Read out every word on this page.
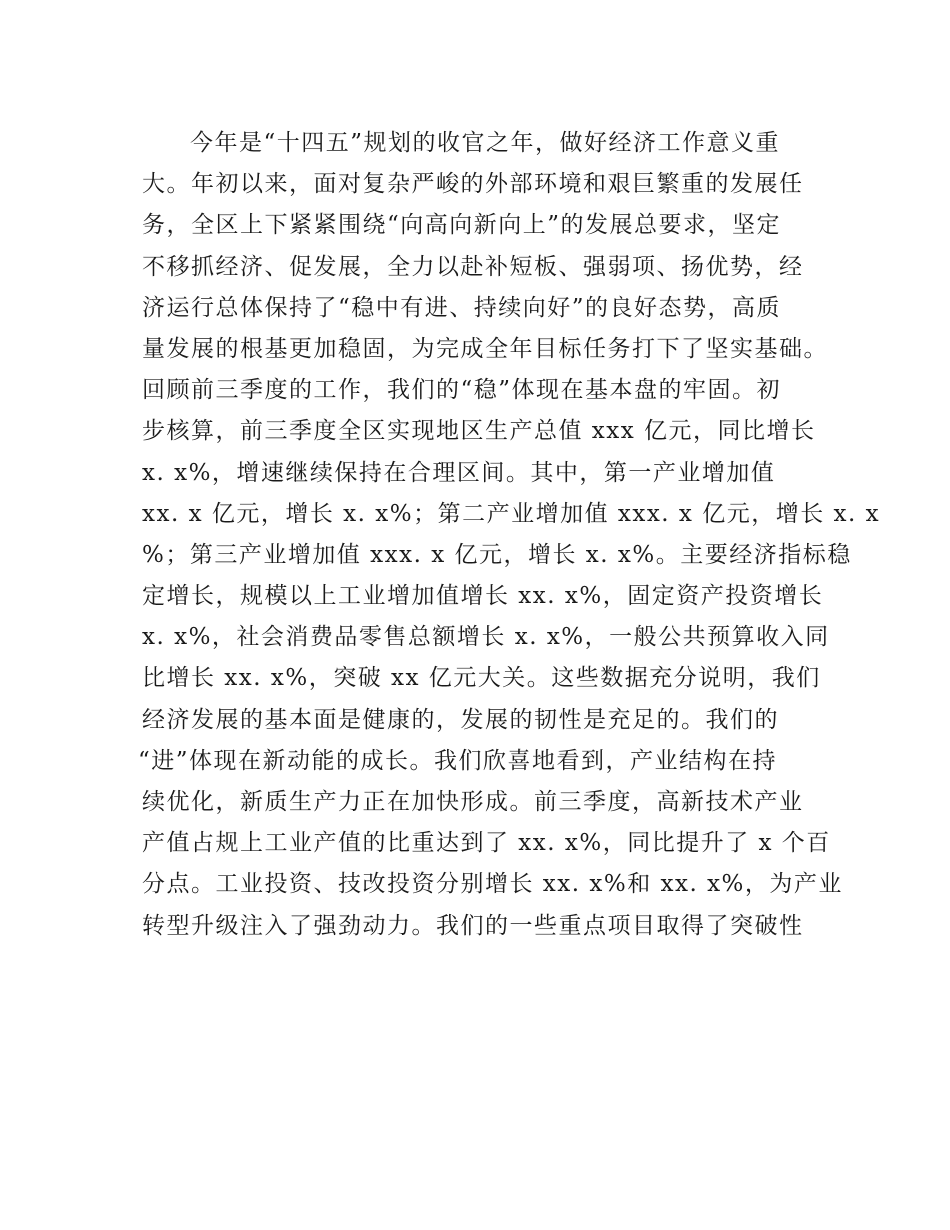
今年是“十四五”规划的收官之年，做好经济工作意义重
大。年初以来，面对复杂严峻的外部环境和艰巨繁重的发展任
务，全区上下紧紧围绕“向高向新向上”的发展总要求，坚定
不移抓经济、促发展，全力以赴补短板、强弱项、扬优势，经
济运行总体保持了“稳中有进、持续向好”的良好态势，高质
量发展的根基更加稳固，为完成全年目标任务打下了坚实基础。
回顾前三季度的工作，我们的“稳”体现在基本盘的牢固。初
步核算，前三季度全区实现地区生产总值 xxx 亿元，同比增长
x. x%，增速继续保持在合理区间。其中，第一产业增加值
xx. x 亿元，增长 x. x%；第二产业增加值 xxx. x 亿元，增长 x. x
%；第三产业增加值 xxx. x 亿元，增长 x. x%。主要经济指标稳
定增长，规模以上工业增加值增长 xx. x%，固定资产投资增长
x. x%，社会消费品零售总额增长 x. x%，一般公共预算收入同
比增长 xx. x%，突破 xx 亿元大关。这些数据充分说明，我们
经济发展的基本面是健康的，发展的韧性是充足的。我们的
“进”体现在新动能的成长。我们欣喜地看到，产业结构在持
续优化，新质生产力正在加快形成。前三季度，高新技术产业
产值占规上工业产值的比重达到了 xx. x%，同比提升了 x 个百
分点。工业投资、技改投资分别增长 xx. x%和 xx. x%，为产业
转型升级注入了强劲动力。我们的一些重点项目取得了突破性
